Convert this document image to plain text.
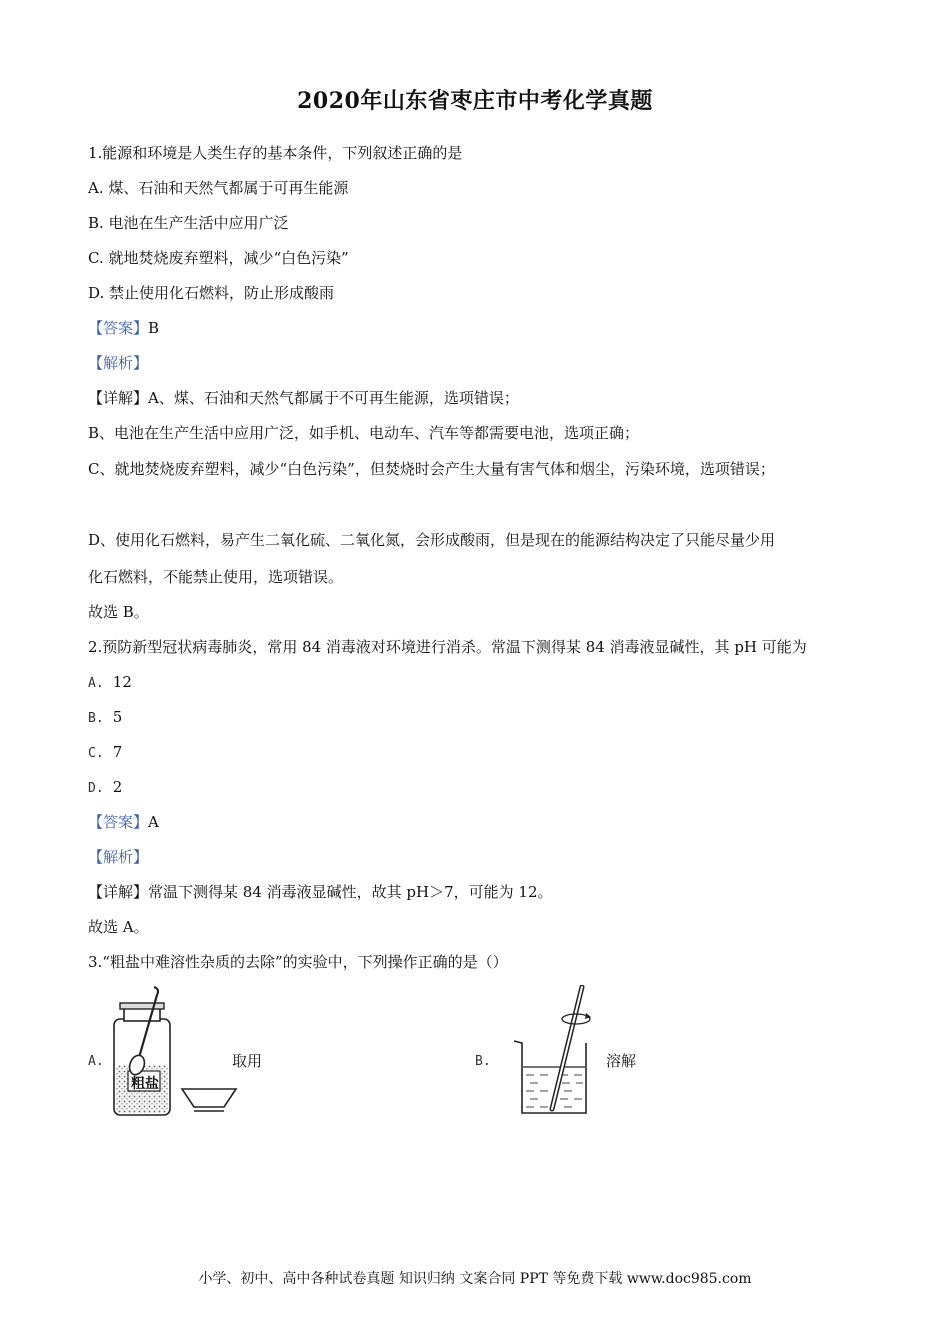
2020年山东省枣庄市中考化学真题
1.能源和环境是人类生存的基本条件，下列叙述正确的是
A. 煤、石油和天然气都属于可再生能源
B. 电池在生产生活中应用广泛
C. 就地焚烧废弃塑料，减少“白色污染”
D. 禁止使用化石燃料，防止形成酸雨
【答案】B
【解析】
【详解】A、煤、石油和天然气都属于不可再生能源，选项错误；
B、电池在生产生活中应用广泛，如手机、电动车、汽车等都需要电池，选项正确；
C、就地焚烧废弃塑料，减少“白色污染”，但焚烧时会产生大量有害气体和烟尘，污染环境，选项错误；
D、使用化石燃料，易产生二氧化硫、二氧化氮，会形成酸雨，但是现在的能源结构决定了只能尽量少用
化石燃料，不能禁止使用，选项错误。
故选 B。
2.预防新型冠状病毒肺炎，常用 84 消毒液对环境进行消杀。常温下测得某 84 消毒液显碱性，其 pH 可能为
A. 12
B. 5
C. 7
D. 2
【答案】A
【解析】
【详解】常温下测得某 84 消毒液显碱性，故其 pH＞7，可能为 12。
故选 A。
3.“粗盐中难溶性杂质的去除”的实验中，下列操作正确的是（）
A.
粗盐
取用	B.	溶解
小学、初中、高中各种试卷真题 知识归纳 文案合同 PPT 等免费下载 www.doc985.com
